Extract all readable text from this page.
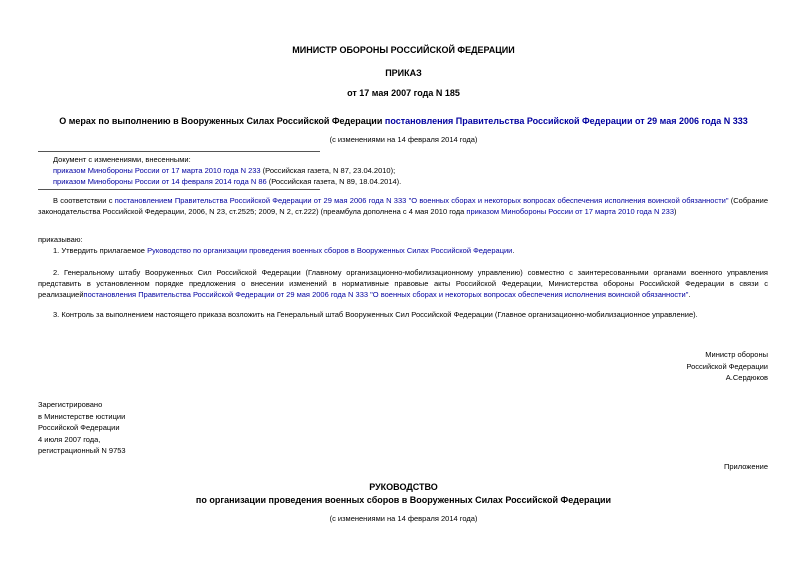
МИНИСТР ОБОРОНЫ РОССИЙСКОЙ ФЕДЕРАЦИИ
ПРИКАЗ
от 17 мая 2007 года N 185
О мерах по выполнению в Вооруженных Силах Российской Федерации постановления Правительства Российской Федерации от 29 мая 2006 года N 333
(с изменениями на 14 февраля 2014 года)
Документ с изменениями, внесенными:
приказом Минобороны России от 17 марта 2010 года N 233 (Российская газета, N 87, 23.04.2010);
приказом Минобороны России от 14 февраля 2014 года N 86 (Российская газета, N 89, 18.04.2014).
В соответствии с постановлением Правительства Российской Федерации от 29 мая 2006 года N 333 "О военных сборах и некоторых вопросах обеспечения исполнения воинской обязанности" (Собрание законодательства Российской Федерации, 2006, N 23, ст.2525; 2009, N 2, ст.222) (преамбула дополнена с 4 мая 2010 года приказом Минобороны России от 17 марта 2010 года N 233)
приказываю:
1. Утвердить прилагаемое Руководство по организации проведения военных сборов в Вооруженных Силах Российской Федерации.
2. Генеральному штабу Вооруженных Сил Российской Федерации (Главному организационно-мобилизационному управлению) совместно с заинтересованными органами военного управления представить в установленном порядке предложения о внесении изменений в нормативные правовые акты Российской Федерации, Министерства обороны Российской Федерации в связи с реализациейпостановления Правительства Российской Федерации от 29 мая 2006 года N 333 "О военных сборах и некоторых вопросах обеспечения исполнения воинской обязанности".
3. Контроль за выполнением настоящего приказа возложить на Генеральный штаб Вооруженных Сил Российской Федерации (Главное организационно-мобилизационное управление).
Министр обороны
Российской Федерации
А.Сердюков
Зарегистрировано
в Министерстве юстиции
Российской Федерации
4 июля 2007 года,
регистрационный N 9753
Приложение
РУКОВОДСТВО
по организации проведения военных сборов в Вооруженных Силах Российской Федерации
(с изменениями на 14 февраля 2014 года)
